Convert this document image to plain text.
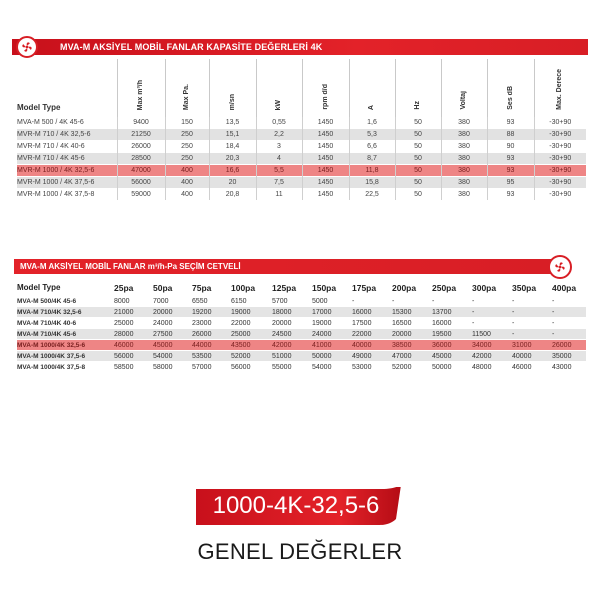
MVA-M AKSİYEL MOBİL FANLAR KAPASİTE DEĞERLERİ 4K
Model Type	Max m³/h	Max Pa.	m/sn	kW	rpm d/d	A	Hz	Voltaj	Ses dB	Max. Derece
MVA-M 500 / 4K 45-6	9400	150	13,5	0,55	1450	1,6	50	380	93	-30+90
MVR-M 710 / 4K 32,5-6	21250	250	15,1	2,2	1450	5,3	50	380	88	-30+90
MVR-M 710 / 4K 40-6	26000	250	18,4	3	1450	6,6	50	380	90	-30+90
MVR-M 710 / 4K 45-6	28500	250	20,3	4	1450	8,7	50	380	93	-30+90
MVR-M 1000 / 4K 32,5-6	47000	400	16,6	5,5	1450	11,8	50	380	93	-30+90
MVR-M 1000 / 4K 37,5-6	56000	400	20	7,5	1450	15,8	50	380	95	-30+90
MVR-M 1000 / 4K 37,5-8	59000	400	20,8	11	1450	22,5	50	380	93	-30+90
MVA-M AKSİYEL MOBİL FANLAR m³/h-Pa SEÇİM CETVELİ
Model Type	25pa	50pa	75pa	100pa	125pa	150pa	175pa	200pa	250pa	300pa	350pa	400pa
MVA-M 500/4K 45-6	8000	7000	6550	6150	5700	5000	-	-	-	-	-	-
MVA-M 710/4K 32,5-6	21000	20000	19200	19000	18000	17000	16000	15300	13700	-	-	-
MVA-M 710/4K 40-6	25000	24000	23000	22000	20000	19000	17500	16500	16000	-	-	-
MVA-M 710/4K 45-6	28000	27500	26000	25000	24500	24000	22000	20000	19500	11500	-	-
MVA-M 1000/4K 32,5-6	46000	45000	44000	43500	42000	41000	40000	38500	36000	34000	31000	26000
MVA-M 1000/4K 37,5-6	56000	54000	53500	52000	51000	50000	49000	47000	45000	42000	40000	35000
MVA-M 1000/4K 37,5-8	58500	58000	57000	56000	55000	54000	53000	52000	50000	48000	46000	43000
1000-4K-32,5-6
GENEL DEĞERLER
